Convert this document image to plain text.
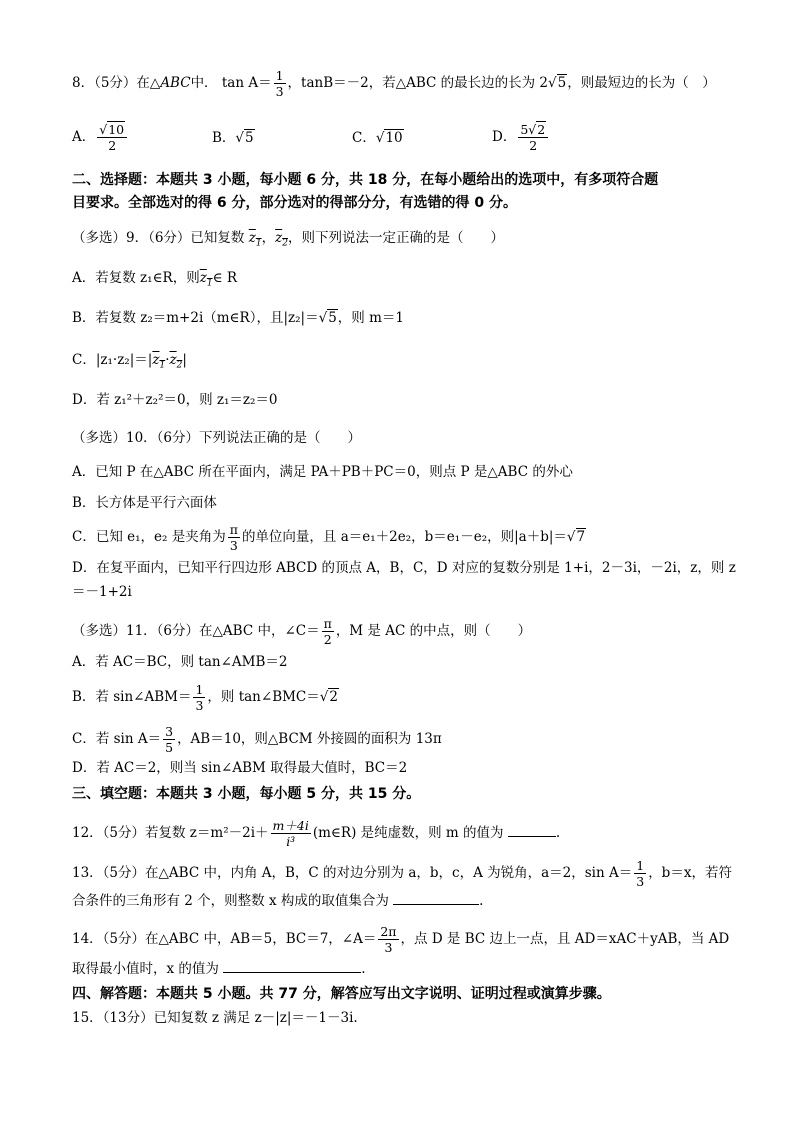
8．（5分）在△ABC中． $\tan A= \frac{1}{3}$ ，tanB＝－2，若△ABC 的最长边的长为 2√5，则最短边的长为（　）
A． $\frac{√10}{2}$	B．√5	C．√10	D． $\frac{5√2}{2}$
二、选择题：本题共 3 小题，每小题 6 分，共 18 分，在每小题给出的选项中，有多项符合题
目要求。全部选对的得 6 分，部分选对的得部分分，有选错的得 0 分。
（多选）9．（6分）已知复数 $z_1$，$z_2$，则下列说法一定正确的是（　　）
A．若复数 z₁∈R，则$z_1\in$ R
B．若复数 z₂＝m+2i（m∈R），且|z₂|＝√5，则 m＝1
C．$|z_1\cdot z_2|=|z_1\cdot z_2|$
D．若 z₁²＋z₂²＝0，则 z₁＝z₂＝0
（多选）10．（6分）下列说法正确的是（　　）
A．已知 P 在△ABC 所在平面内，满足 PA＋PB＋PC＝0，则点 P 是△ABC 的外心
B．长方体是平行六面体
C．已知 e₁，e₂ 是夹角为 $\frac{\pi}{3}$ 的单位向量，且 a＝e₁＋2e₂，b＝e₁－e₂，则|a＋b|＝√7
D．在复平面内，已知平行四边形 ABCD 的顶点 A，B，C，D 对应的复数分别是 1+i，2－3i，－2i，z，则 z
＝－1+2i
（多选）11．（6分）在△ABC 中，∠C＝ $\frac{\pi}{2}$ ，M 是 AC 的中点，则（　　）
A．若 AC＝BC，则 tan∠AMB＝2
B．若 sin∠ABM＝ $\frac{1}{3}$ ，则 tan∠BMC＝√2
C．若 $\sin A= \frac{3}{5}$ ，AB＝10，则△BCM 外接圆的面积为 13π
D．若 AC＝2，则当 sin∠ABM 取得最大值时，BC＝2
三、填空题：本题共 3 小题，每小题 5 分，共 15 分。
12．（5分）若复数 $z=m^2-2i+ \frac{m+4i}{\text{i³}}$ (m∈R) 是纯虚数，则 m 的值为	.
13．（5分）在△ABC 中，内角 A，B，C 的对边分别为 a，b，c，A 为锐角，a＝2，$\sin A= \frac{1}{3}$ ，b＝x，若符
合条件的三角形有 2 个，则整数 x 构成的取值集合为	.
14．（5分）在△ABC 中，AB＝5，BC＝7，∠A＝ $\frac{2\pi}{3}$ ，点 D 是 BC 边上一点，且 AD＝xAC＋yAB，当 AD
取得最小值时，x 的值为	.
四、解答题：本题共 5 小题。共 77 分，解答应写出文字说明、证明过程或演算步骤。
15．（13分）已知复数 z 满足 z－|z|＝－1－3i.
